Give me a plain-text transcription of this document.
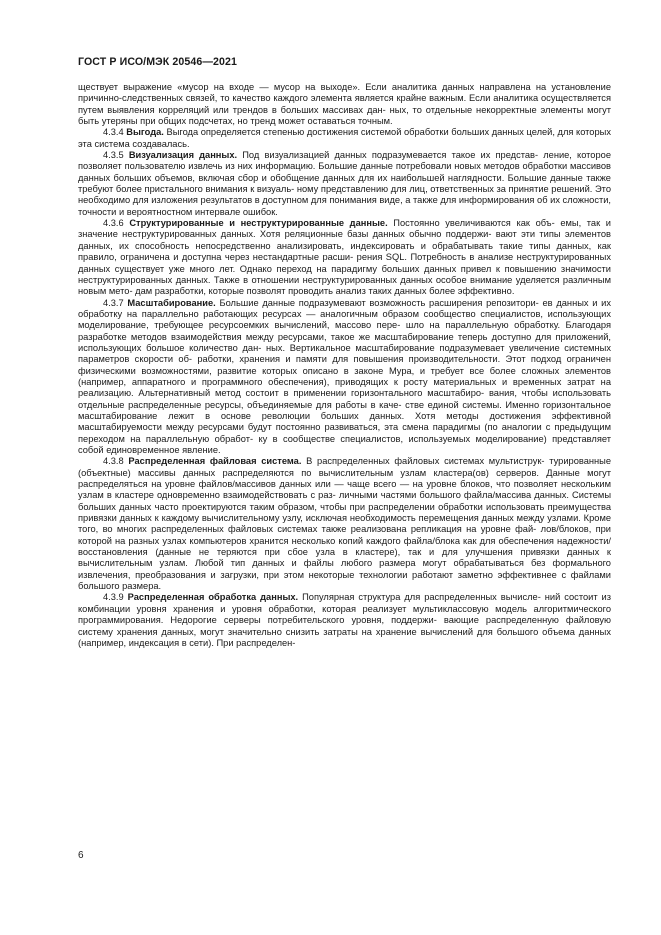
ГОСТ Р ИСО/МЭК 20546—2021

ществует выражение «мусор на входе — мусор на выходе». Если аналитика данных направлена на установление причинно-следственных связей, то качество каждого элемента является крайне важным. Если аналитика осуществляется путем выявления корреляций или трендов в больших массивах дан- ных, то отдельные некорректные элементы могут быть утеряны при общих подсчетах, но тренд может оставаться точным.

4.3.4 Выгода. Выгода определяется степенью достижения системой обработки больших данных целей, для которых эта система создавалась.

4.3.5 Визуализация данных. Под визуализацией данных подразумевается такое их представ- ление, которое позволяет пользователю извлечь из них информацию. Большие данные потребовали новых методов обработки массивов данных больших объемов, включая сбор и обобщение данных для их наибольшей наглядности. Большие данные также требуют более пристального внимания к визуаль- ному представлению для лиц, ответственных за принятие решений. Это необходимо для изложения результатов в доступном для понимания виде, а также для информирования об их сложности, точности и вероятностном интервале ошибок.

4.3.6 Структурированные и неструктурированные данные. Постоянно увеличиваются как объ- емы, так и значение неструктурированных данных. Хотя реляционные базы данных обычно поддержи- вают эти типы элементов данных, их способность непосредственно анализировать, индексировать и обрабатывать такие типы данных, как правило, ограничена и доступна через нестандартные расши- рения SQL. Потребность в анализе неструктурированных данных существует уже много лет. Однако переход на парадигму больших данных привел к повышению значимости неструктурированных данных. Также в отношении неструктурированных данных особое внимание уделяется различным новым мето- дам разработки, которые позволят проводить анализ таких данных более эффективно.

4.3.7 Масштабирование. Большие данные подразумевают возможность расширения репозитори- ев данных и их обработку на параллельно работающих ресурсах — аналогичным образом сообщество специалистов, использующих моделирование, требующее ресурсоемких вычислений, массово пере- шло на параллельную обработку. Благодаря разработке методов взаимодействия между ресурсами, такое же масштабирование теперь доступно для приложений, использующих большое количество дан- ных. Вертикальное масштабирование подразумевает увеличение системных параметров скорости об- работки, хранения и памяти для повышения производительности. Этот подход ограничен физическими возможностями, развитие которых описано в законе Мура, и требует все более сложных элементов (например, аппаратного и программного обеспечения), приводящих к росту материальных и временных затрат на реализацию. Альтернативный метод состоит в применении горизонтального масштабиро- вания, чтобы использовать отдельные распределенные ресурсы, объединяемые для работы в каче- стве единой системы. Именно горизонтальное масштабирование лежит в основе революции больших данных. Хотя методы достижения эффективной масштабируемости между ресурсами будут постоянно развиваться, эта смена парадигмы (по аналогии с предыдущим переходом на параллельную обработ- ку в сообществе специалистов, используемых моделирование) представляет собой единовременное явление.

4.3.8 Распределенная файловая система. В распределенных файловых системах мультиструк- турированные (объектные) массивы данных распределяются по вычислительным узлам кластера(ов) серверов. Данные могут распределяться на уровне файлов/массивов данных или — чаще всего — на уровне блоков, что позволяет нескольким узлам в кластере одновременно взаимодействовать с раз- личными частями большого файла/массива данных. Системы больших данных часто проектируются таким образом, чтобы при распределении обработки использовать преимущества привязки данных к каждому вычислительному узлу, исключая необходимость перемещения данных между узлами. Кроме того, во многих распределенных файловых системах также реализована репликация на уровне фай- лов/блоков, при которой на разных узлах компьютеров хранится несколько копий каждого файла/блока как для обеспечения надежности/восстановления (данные не теряются при сбое узла в кластере), так и для улучшения привязки данных к вычислительным узлам. Любой тип данных и файлы любого размера могут обрабатываться без формального извлечения, преобразования и загрузки, при этом некоторые технологии работают заметно эффективнее с файлами большого размера.

4.3.9 Распределенная обработка данных. Популярная структура для распределенных вычисле- ний состоит из комбинации уровня хранения и уровня обработки, которая реализует мультиклассовую модель алгоритмического программирования. Недорогие серверы потребительского уровня, поддержи- вающие распределенную файловую систему хранения данных, могут значительно снизить затраты на хранение вычислений для большого объема данных (например, индексация в сети). При распределен-

6
